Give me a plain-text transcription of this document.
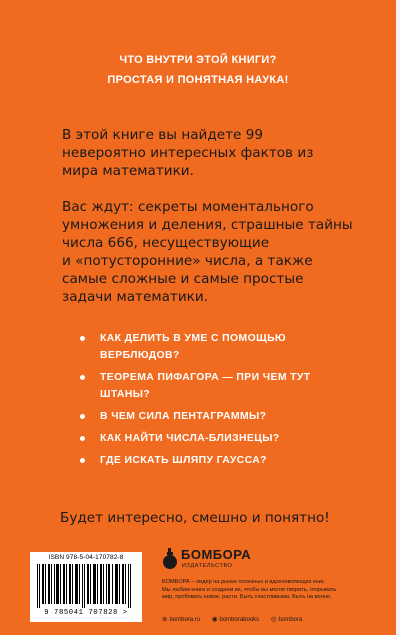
ЧТО ВНУТРИ ЭТОЙ КНИГИ?
ПРОСТАЯ И ПОНЯТНАЯ НАУКА!
В этой книге вы найдете 99
невероятно интересных фактов из
мира математики.
Вас ждут: секреты моментального
умножения и деления, страшные тайны
числа 666, несуществующие
и «потусторонние» числа, а также
самые сложные и самые простые
задачи математики.
КАК ДЕЛИТЬ В УМЕ С ПОМОЩЬЮ
ВЕРБЛЮДОВ?
ТЕОРЕМА ПИФАГОРА — ПРИ ЧЕМ ТУТ
ШТАНЫ?
В ЧЕМ СИЛА ПЕНТАГРАММЫ?
КАК НАЙТИ ЧИСЛА-БЛИЗНЕЦЫ?
ГДЕ ИСКАТЬ ШЛЯПУ ГАУССА?
Будет интересно, смешно и понятно!
ISBN 978-5-04-170782-8
9 785041 707828 >
БОМБОРА
ИЗДАТЕЛЬСТВО
БОМБОРА – лидер на рынке полезных и вдохновляющих книг.
Мы любим книги и создаем их, чтобы вы могли творить, открывать
мир, пробовать новое, расти. Быть счастливыми. Быть на волне.
⊕ bombora.ru ◉ bomborabooks ◎ bombora
